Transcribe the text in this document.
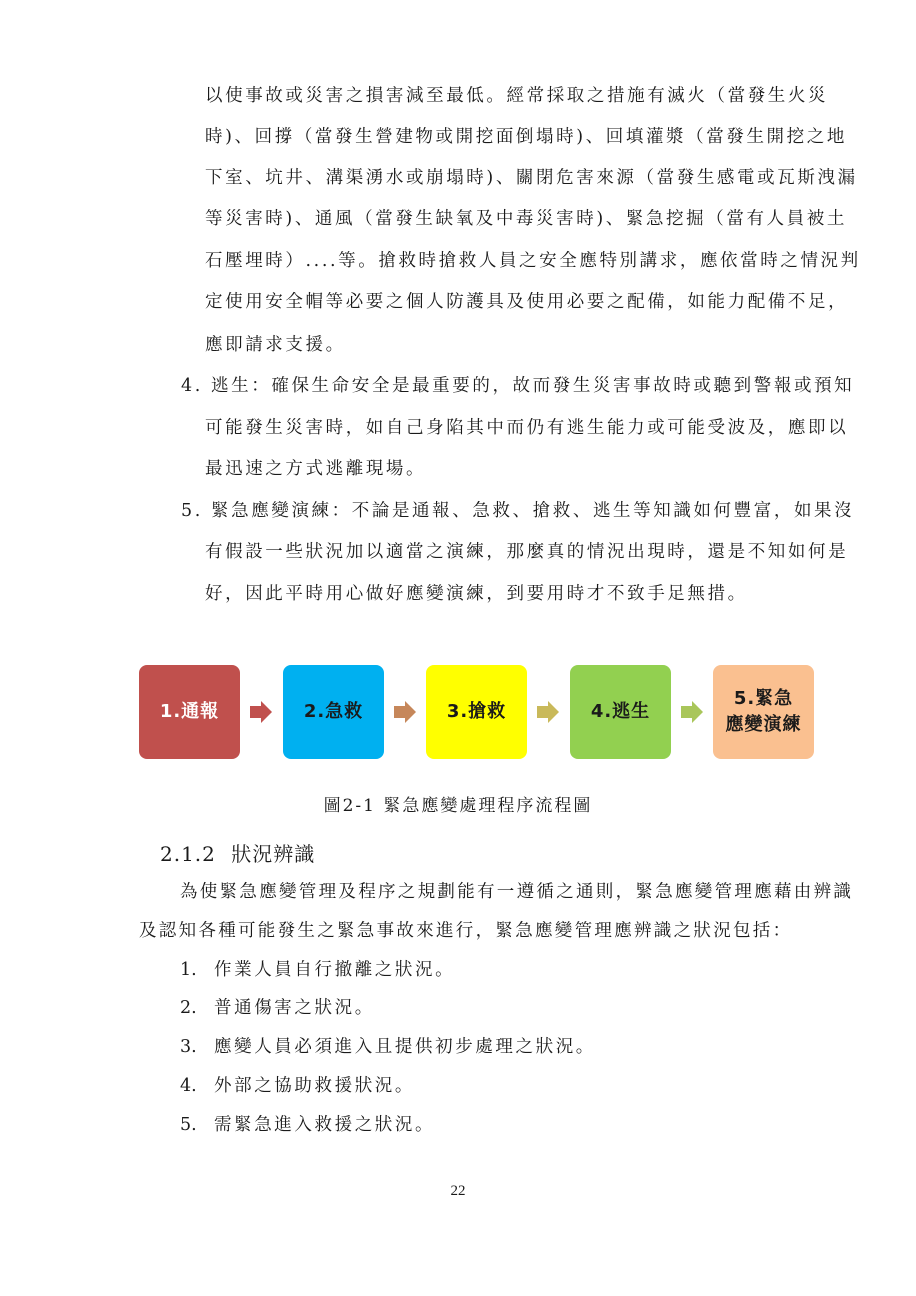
以使事故或災害之損害減至最低。經常採取之措施有滅火（當發生火災
時)、回撐（當發生營建物或開挖面倒塌時)、回填灌漿（當發生開挖之地
下室、坑井、溝渠湧水或崩塌時)、關閉危害來源（當發生感電或瓦斯洩漏
等災害時)、通風（當發生缺氧及中毒災害時)、緊急挖掘（當有人員被土
石壓埋時）....等。搶救時搶救人員之安全應特別講求，應依當時之情況判
定使用安全帽等必要之個人防護具及使用必要之配備，如能力配備不足，
應即請求支援。
4. 逃生：確保生命安全是最重要的，故而發生災害事故時或聽到警報或預知
可能發生災害時，如自己身陷其中而仍有逃生能力或可能受波及，應即以
最迅速之方式逃離現場。
5. 緊急應變演練：不論是通報、急救、搶救、逃生等知識如何豐富，如果沒
有假設一些狀況加以適當之演練，那麼真的情況出現時，還是不知如何是
好，因此平時用心做好應變演練，到要用時才不致手足無措。
1.通報	2.急救	3.搶救	4.逃生
5.緊急應變演練
圖2-1 緊急應變處理程序流程圖
2.1.2 狀況辨識
為使緊急應變管理及程序之規劃能有一遵循之通則，緊急應變管理應藉由辨識
及認知各種可能發生之緊急事故來進行，緊急應變管理應辨識之狀況包括：
1. 作業人員自行撤離之狀況。
2. 普通傷害之狀況。
3. 應變人員必須進入且提供初步處理之狀況。
4. 外部之協助救援狀況。
5. 需緊急進入救援之狀況。
22
